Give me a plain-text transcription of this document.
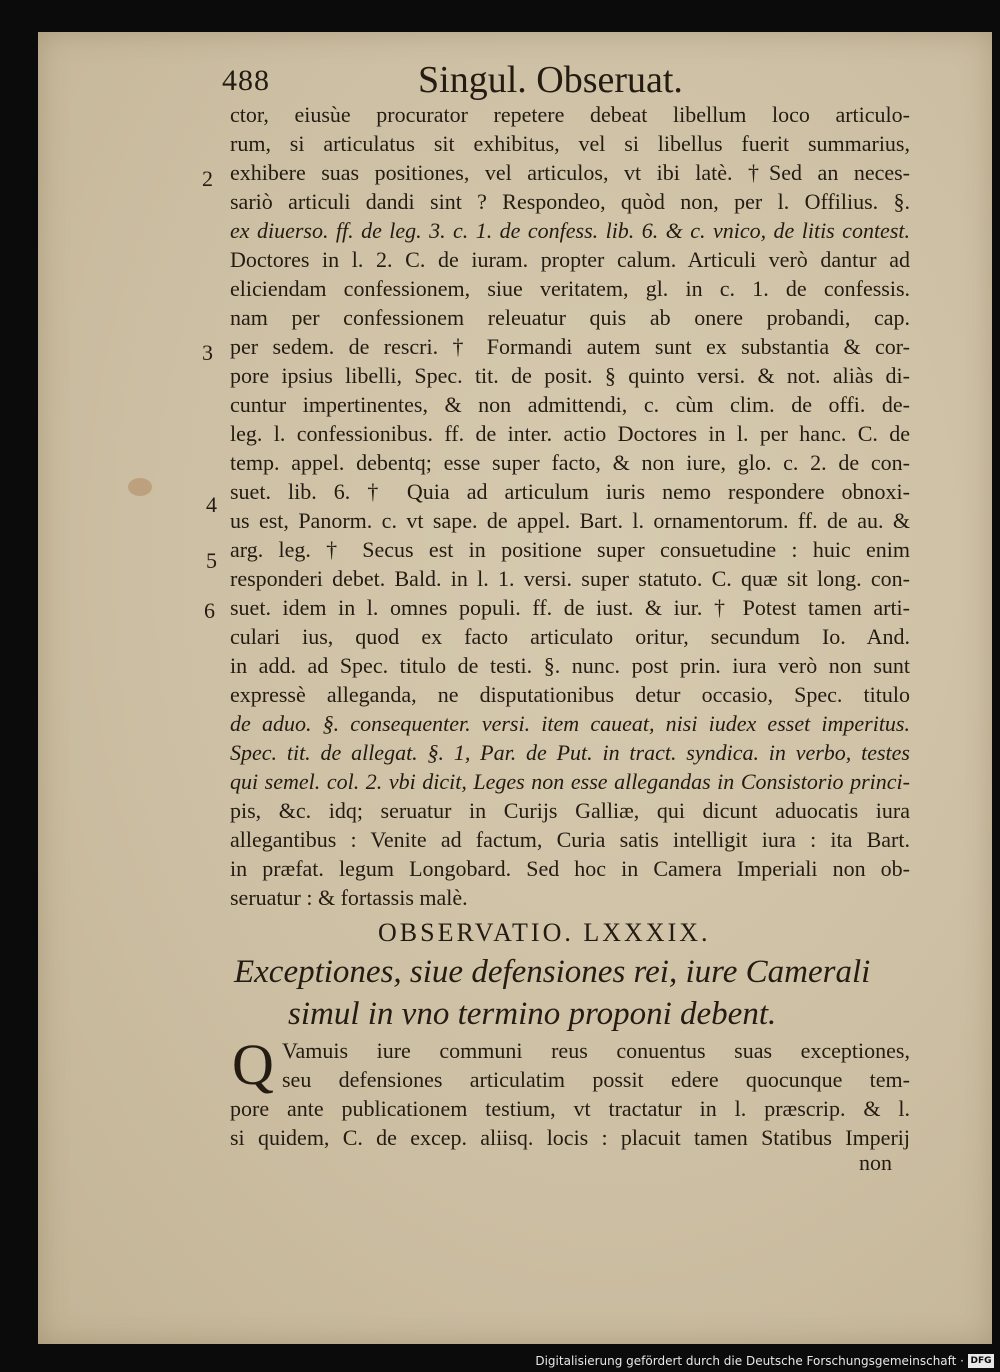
488	Singul. Obseruat.
ctor, eiusùe procurator repetere debeat libellum loco articulo-
rum, si articulatus sit exhibitus, vel si libellus fuerit summarius,
exhibere suas positiones, vel articulos, vt ibi latè. †Sed an neces-
sariò articuli dandi sint ? Respondeo, quòd non, per l. Offilius. §.
ex diuerso. ff. de leg. 3. c. 1. de confess. lib. 6. & c. vnico, de litis contest.
Doctores in l. 2. C. de iuram. propter calum. Articuli verò dantur ad
eliciendam confessionem, siue veritatem, gl. in c. 1. de confessis.
nam per confessionem releuatur quis ab onere probandi, cap.
per sedem. de rescri. † Formandi autem sunt ex substantia & cor-
pore ipsius libelli, Spec. tit. de posit. § quinto versi. & not. aliàs di-
cuntur impertinentes, & non admittendi, c. cùm clim. de offi. de-
leg. l. confessionibus. ff. de inter. actio Doctores in l. per hanc. C. de
temp. appel. debentq; esse super facto, & non iure, glo. c. 2. de con-
suet. lib. 6. † Quia ad articulum iuris nemo respondere obnoxi-
us est, Panorm. c. vt sape. de appel. Bart. l. ornamentorum. ff. de au. &
arg. leg. † Secus est in positione super consuetudine : huic enim
responderi debet. Bald. in l. 1. versi. super statuto. C. quæ sit long. con-
suet. idem in l. omnes populi. ff. de iust. & iur. † Potest tamen arti-
culari ius, quod ex facto articulato oritur, secundum Io. And.
in add. ad Spec. titulo de testi. §. nunc. post prin. iura verò non sunt
expressè alleganda, ne disputationibus detur occasio, Spec. titulo
de aduo. §. consequenter. versi. item caueat, nisi iudex esset imperitus.
Spec. tit. de allegat. §. 1, Par. de Put. in tract. syndica. in verbo, testes
qui semel. col. 2. vbi dicit, Leges non esse allegandas in Consistorio princi-
pis, &c. idq; seruatur in Curijs Galliæ, qui dicunt aduocatis iura
allegantibus : Venite ad factum, Curia satis intelligit iura : ita Bart.
in præfat. legum Longobard. Sed hoc in Camera Imperiali non ob-
seruatur : & fortassis malè.
2
3
4
5
6
OBSERVATIO. LXXXIX.
Exceptiones, siue defensiones rei, iure Camerali
simul in vno termino proponi debent.
Q Vamuis iure communi reus conuentus suas exceptiones,
seu defensiones articulatim possit edere quocunque tem-
pore ante publicationem testium, vt tractatur in l. præscrip. & l.
si quidem, C. de excep. aliisq. locis : placuit tamen Statibus Imperij
non
Digitalisierung gefördert durch die Deutsche Forschungsgemeinschaft · DFG
